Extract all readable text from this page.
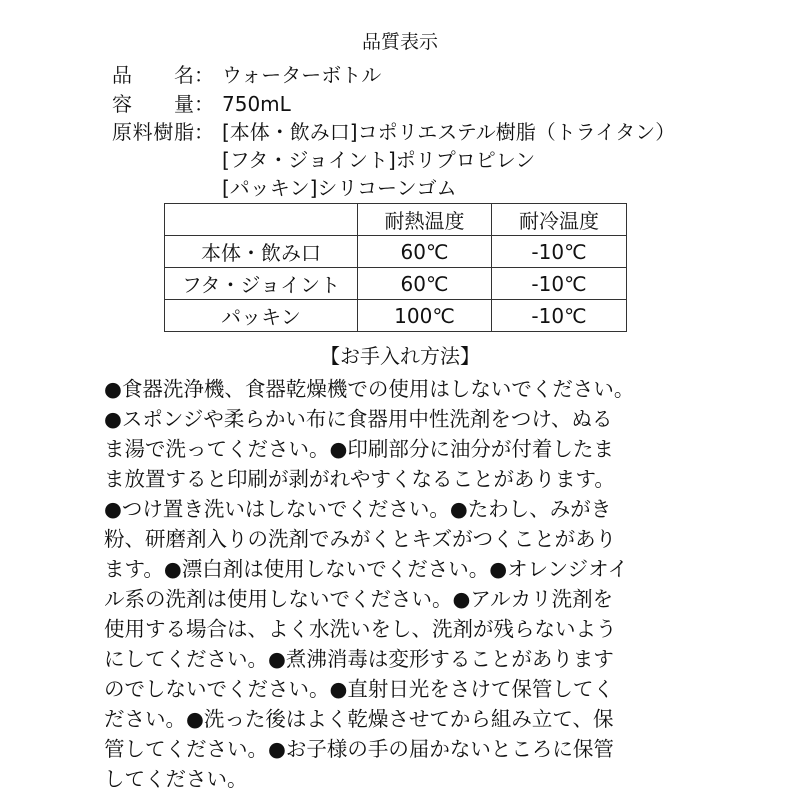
品質表示
品名： ウォーターボトル
容量： 750mL
原料樹脂： [本体・飲み口]コポリエステル樹脂（トライタン）
[フタ・ジョイント]ポリプロピレン
[パッキン]シリコーンゴム
	耐熱温度	耐冷温度
本体・飲み口	60℃	-10℃
フタ・ジョイント	60℃	-10℃
パッキン	100℃	-10℃
【お手入れ方法】
●食器洗浄機、食器乾燥機での使用はしないでください。
●スポンジや柔らかい布に食器用中性洗剤をつけ、ぬる
ま湯で洗ってください。●印刷部分に油分が付着したま
ま放置すると印刷が剥がれやすくなることがあります。
●つけ置き洗いはしないでください。●たわし、みがき
粉、研磨剤入りの洗剤でみがくとキズがつくことがあり
ます。●漂白剤は使用しないでください。●オレンジオイ
ル系の洗剤は使用しないでください。●アルカリ洗剤を
使用する場合は、よく水洗いをし、洗剤が残らないよう
にしてください。●煮沸消毒は変形することがあります
のでしないでください。●直射日光をさけて保管してく
ださい。●洗った後はよく乾燥させてから組み立て、保
管してください。●お子様の手の届かないところに保管
してください。
